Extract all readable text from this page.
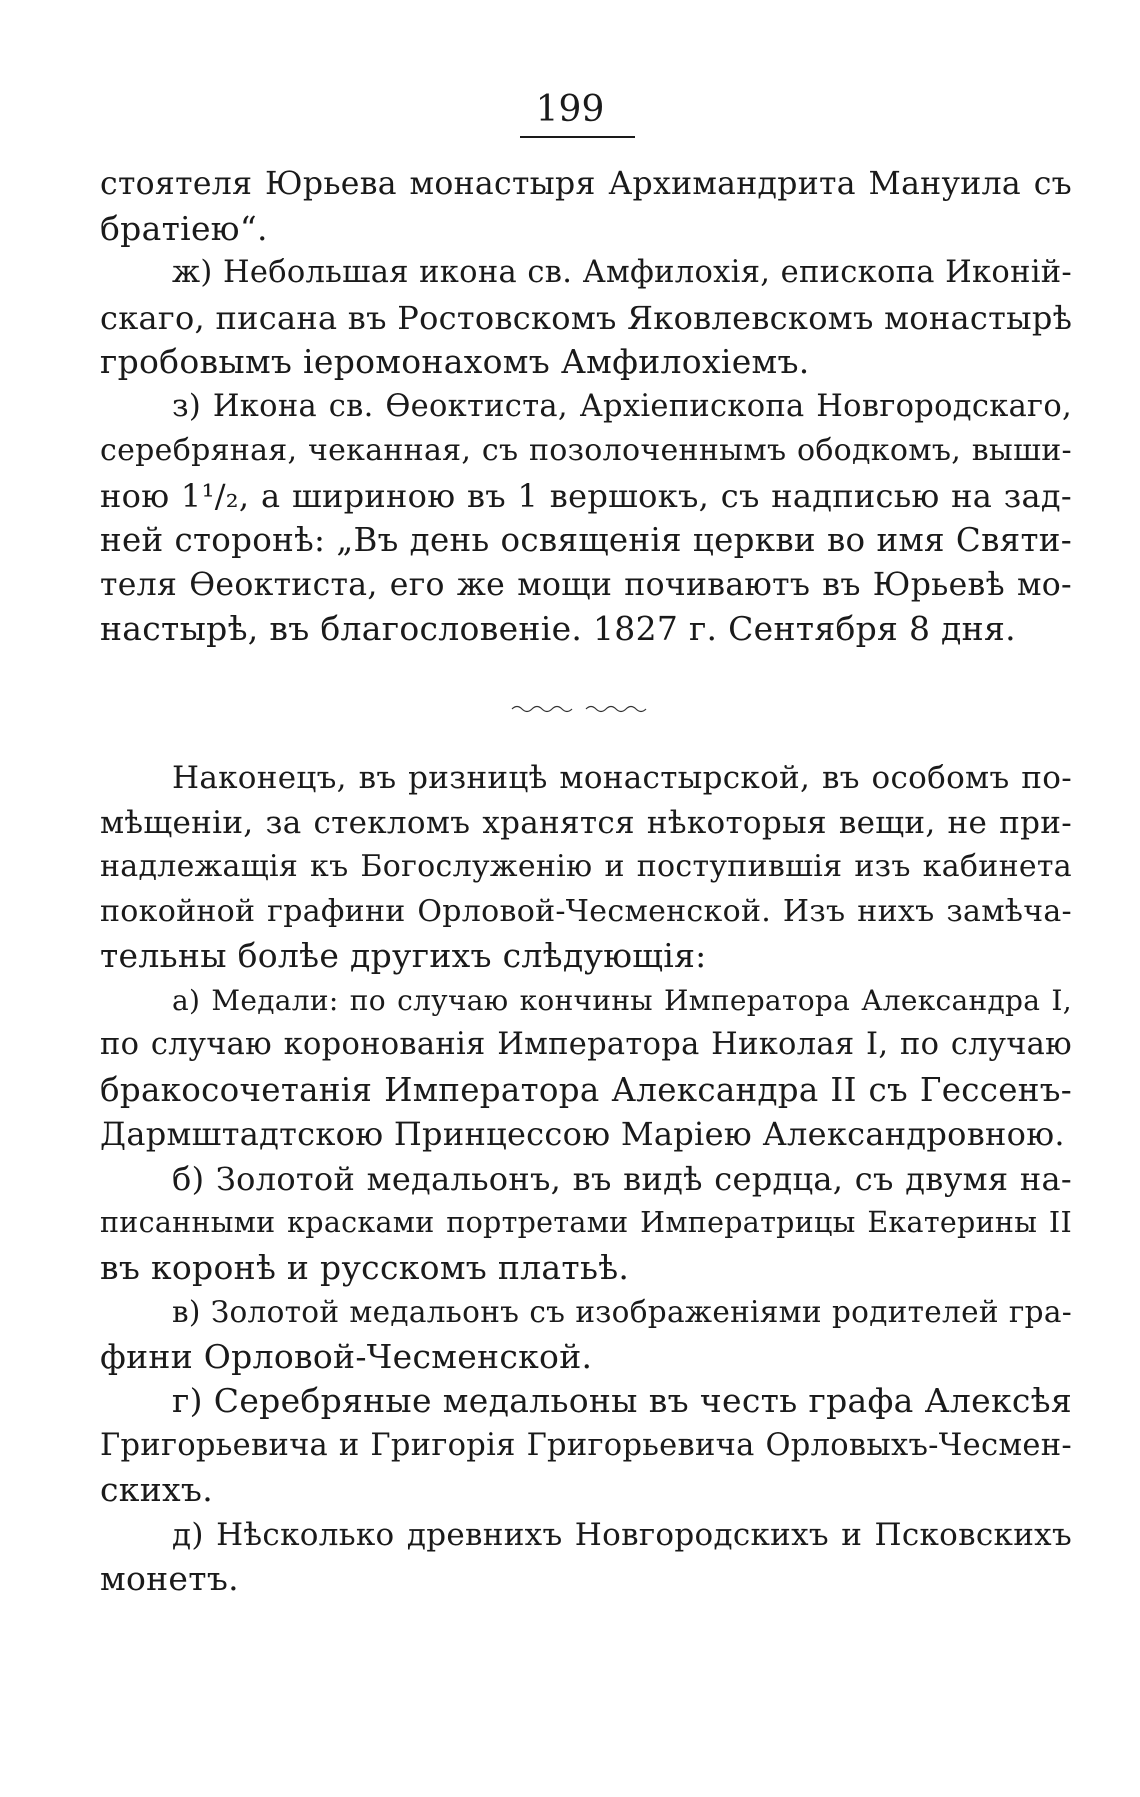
199

стоятеля Юрьева монастыря Архимандрита Мануила съ
братiею“.

ж) Небольшая икона св. Амфилохiя, епископа Иконiй-
скаго, писана въ Ростовскомъ Яковлевскомъ монастырѣ
гробовымъ iеромонахомъ Амфилохiемъ.

з) Икона св. Ѳеоктиста, Архiепископа Новгородскаго,
серебряная, чеканная, съ позолоченнымъ ободкомъ, выши-
ною 1¹/₂, а шириною въ 1 вершокъ, съ надписью на зад-
ней сторонѣ: „Въ день освященiя церкви во имя Святи-
теля Ѳеоктиста, его же мощи почиваютъ въ Юрьевѣ мо-
настырѣ, въ благословенiе. 1827 г. Сентября 8 дня.

Наконецъ, въ ризницѣ монастырской, въ особомъ по-
мѣщенiи, за стекломъ хранятся нѣкоторыя вещи, не при-
надлежащiя къ Богослуженiю и поступившiя изъ кабинета
покойной графини Орловой-Чесменской. Изъ нихъ замѣча-
тельны болѣе другихъ слѣдующiя:

а) Медали: по случаю кончины Императора Александра I,
по случаю коронованiя Императора Николая I, по случаю
бракосочетанiя Императора Александра II съ Гессенъ-
Дармштадтскою Принцессою Марiею Александровною.

б) Золотой медальонъ, въ видѣ сердца, съ двумя на-
писанными красками портретами Императрицы Екатерины II
въ коронѣ и русскомъ платьѣ.

в) Золотой медальонъ съ изображенiями родителей гра-
фини Орловой-Чесменской.

г) Серебряные медальоны въ честь графа Алексѣя
Григорьевича и Григорiя Григорьевича Орловыхъ-Чесмен-
скихъ.

д) Нѣсколько древнихъ Новгородскихъ и Псковскихъ
монетъ.
